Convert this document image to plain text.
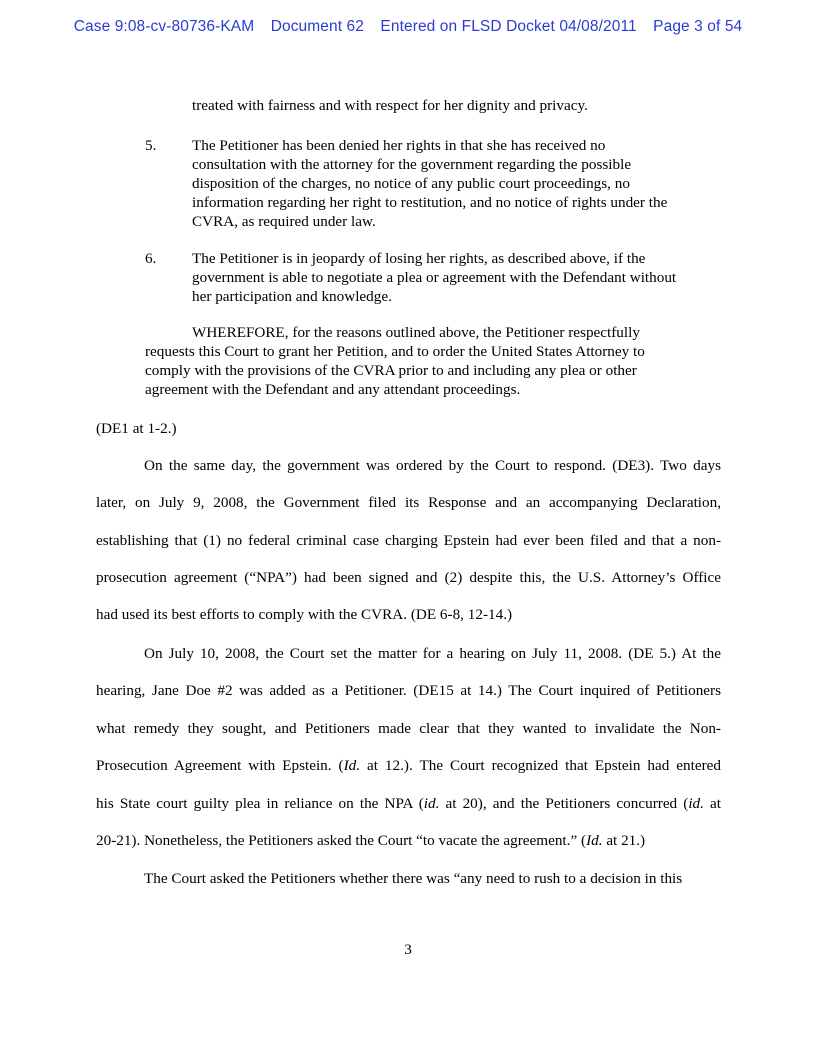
Case 9:08-cv-80736-KAM Document 62 Entered on FLSD Docket 04/08/2011 Page 3 of 54
treated with fairness and with respect for her dignity and privacy.
5. The Petitioner has been denied her rights in that she has received no consultation with the attorney for the government regarding the possible disposition of the charges, no notice of any public court proceedings, no information regarding her right to restitution, and no notice of rights under the CVRA, as required under law.
6. The Petitioner is in jeopardy of losing her rights, as described above, if the government is able to negotiate a plea or agreement with the Defendant without her participation and knowledge.
WHEREFORE, for the reasons outlined above, the Petitioner respectfully requests this Court to grant her Petition, and to order the United States Attorney to comply with the provisions of the CVRA prior to and including any plea or other agreement with the Defendant and any attendant proceedings.
(DE1 at 1-2.)
On the same day, the government was ordered by the Court to respond. (DE3). Two days
later, on July 9, 2008, the Government filed its Response and an accompanying Declaration,
establishing that (1) no federal criminal case charging Epstein had ever been filed and that a non-
prosecution agreement (“NPA”) had been signed and (2) despite this, the U.S. Attorney’s Office
had used its best efforts to comply with the CVRA. (DE 6-8, 12-14.)
On July 10, 2008, the Court set the matter for a hearing on July 11, 2008. (DE 5.) At the
hearing, Jane Doe #2 was added as a Petitioner. (DE15 at 14.) The Court inquired of Petitioners
what remedy they sought, and Petitioners made clear that they wanted to invalidate the Non-
Prosecution Agreement with Epstein. (Id. at 12.). The Court recognized that Epstein had entered
his State court guilty plea in reliance on the NPA (id. at 20), and the Petitioners concurred (id. at
20-21). Nonetheless, the Petitioners asked the Court “to vacate the agreement.” (Id. at 21.)
The Court asked the Petitioners whether there was “any need to rush to a decision in this
3
